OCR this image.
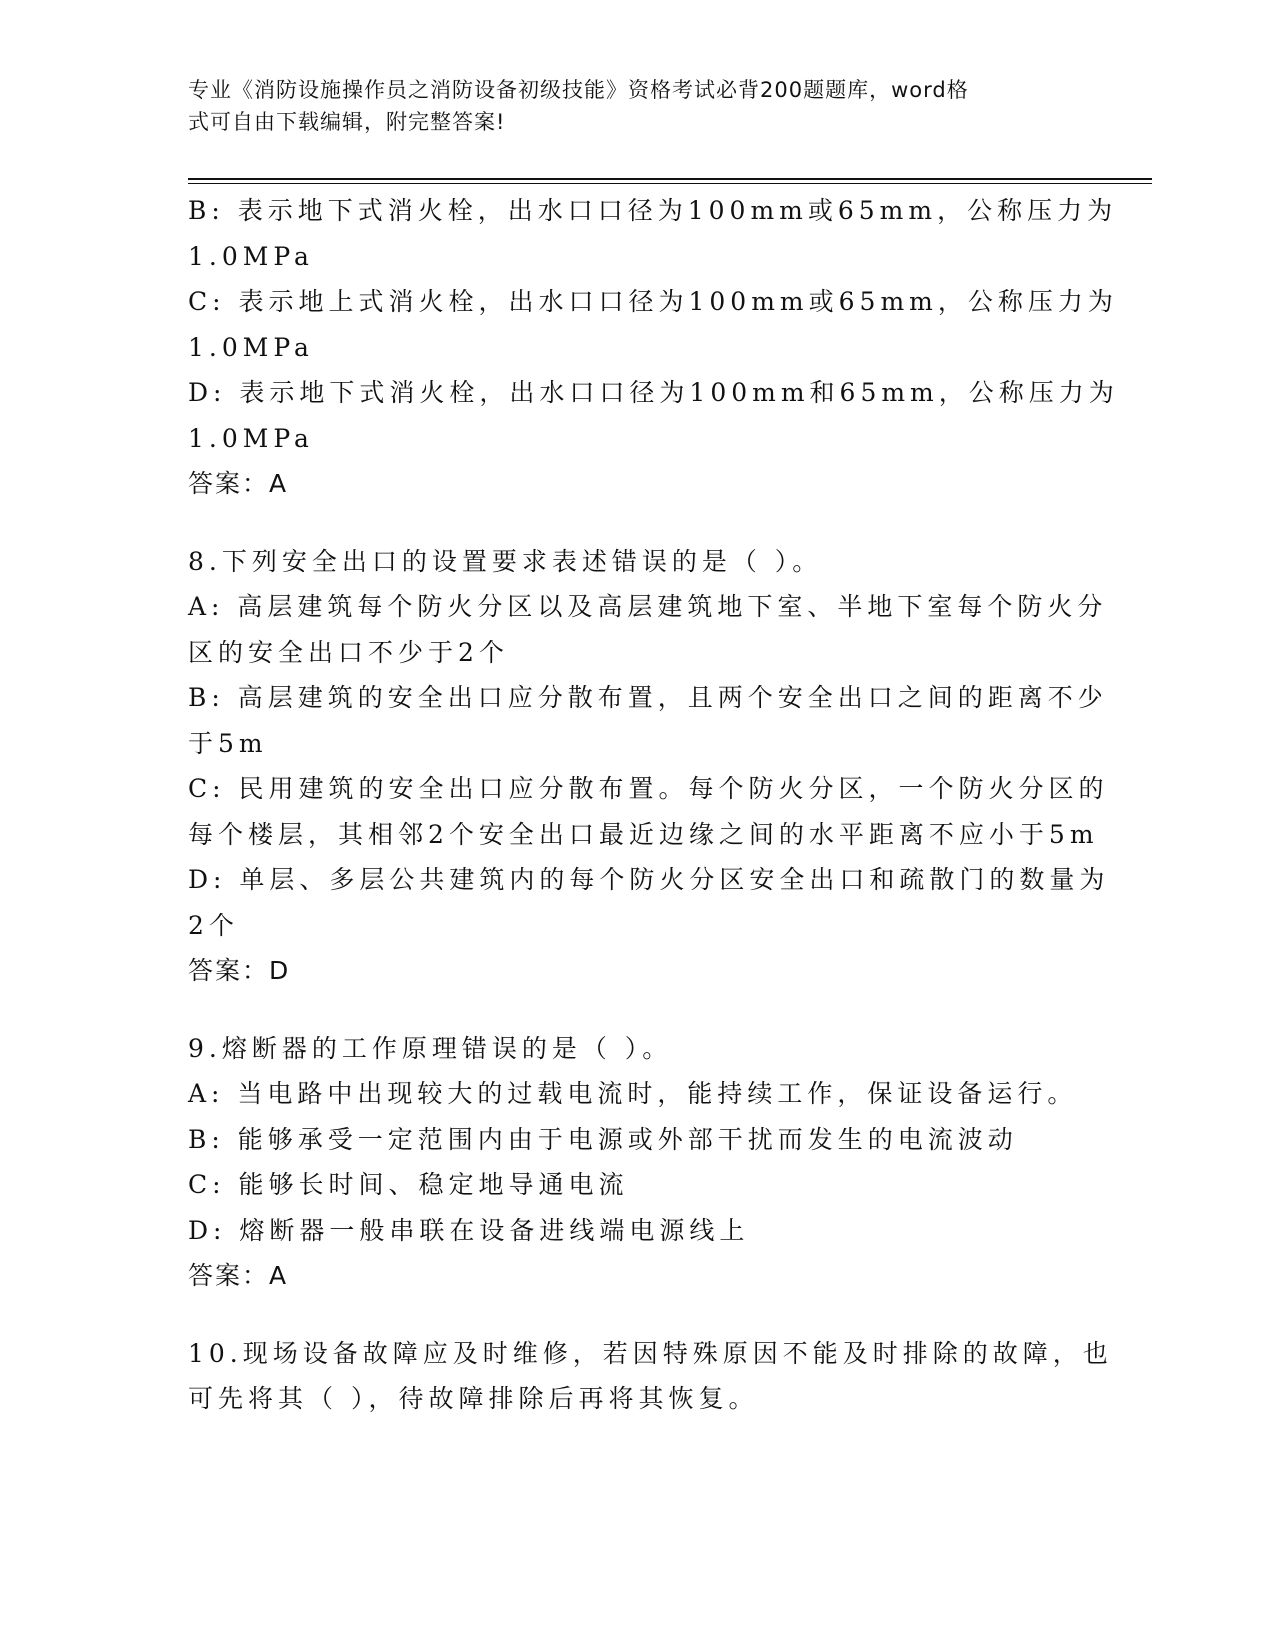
专业《消防设施操作员之消防设备初级技能》资格考试必背200题题库，word格
式可自由下载编辑，附完整答案!
B: 表示地下式消火栓，出水口口径为100mm或65mm，公称压力为
1.0MPa
C: 表示地上式消火栓，出水口口径为100mm或65mm，公称压力为
1.0MPa
D: 表示地下式消火栓，出水口口径为100mm和65mm，公称压力为
1.0MPa
答案：A
8.下列安全出口的设置要求表述错误的是（ ）。
A: 高层建筑每个防火分区以及高层建筑地下室、半地下室每个防火分
区的安全出口不少于2个
B: 高层建筑的安全出口应分散布置，且两个安全出口之间的距离不少
于5m
C: 民用建筑的安全出口应分散布置。每个防火分区，一个防火分区的
每个楼层，其相邻2个安全出口最近边缘之间的水平距离不应小于5m
D: 单层、多层公共建筑内的每个防火分区安全出口和疏散门的数量为
2个
答案：D
9.熔断器的工作原理错误的是（ ）。
A: 当电路中出现较大的过载电流时，能持续工作，保证设备运行。
B: 能够承受一定范围内由于电源或外部干扰而发生的电流波动
C: 能够长时间、稳定地导通电流
D: 熔断器一般串联在设备进线端电源线上
答案：A
10.现场设备故障应及时维修，若因特殊原因不能及时排除的故障，也
可先将其（ ），待故障排除后再将其恢复。
